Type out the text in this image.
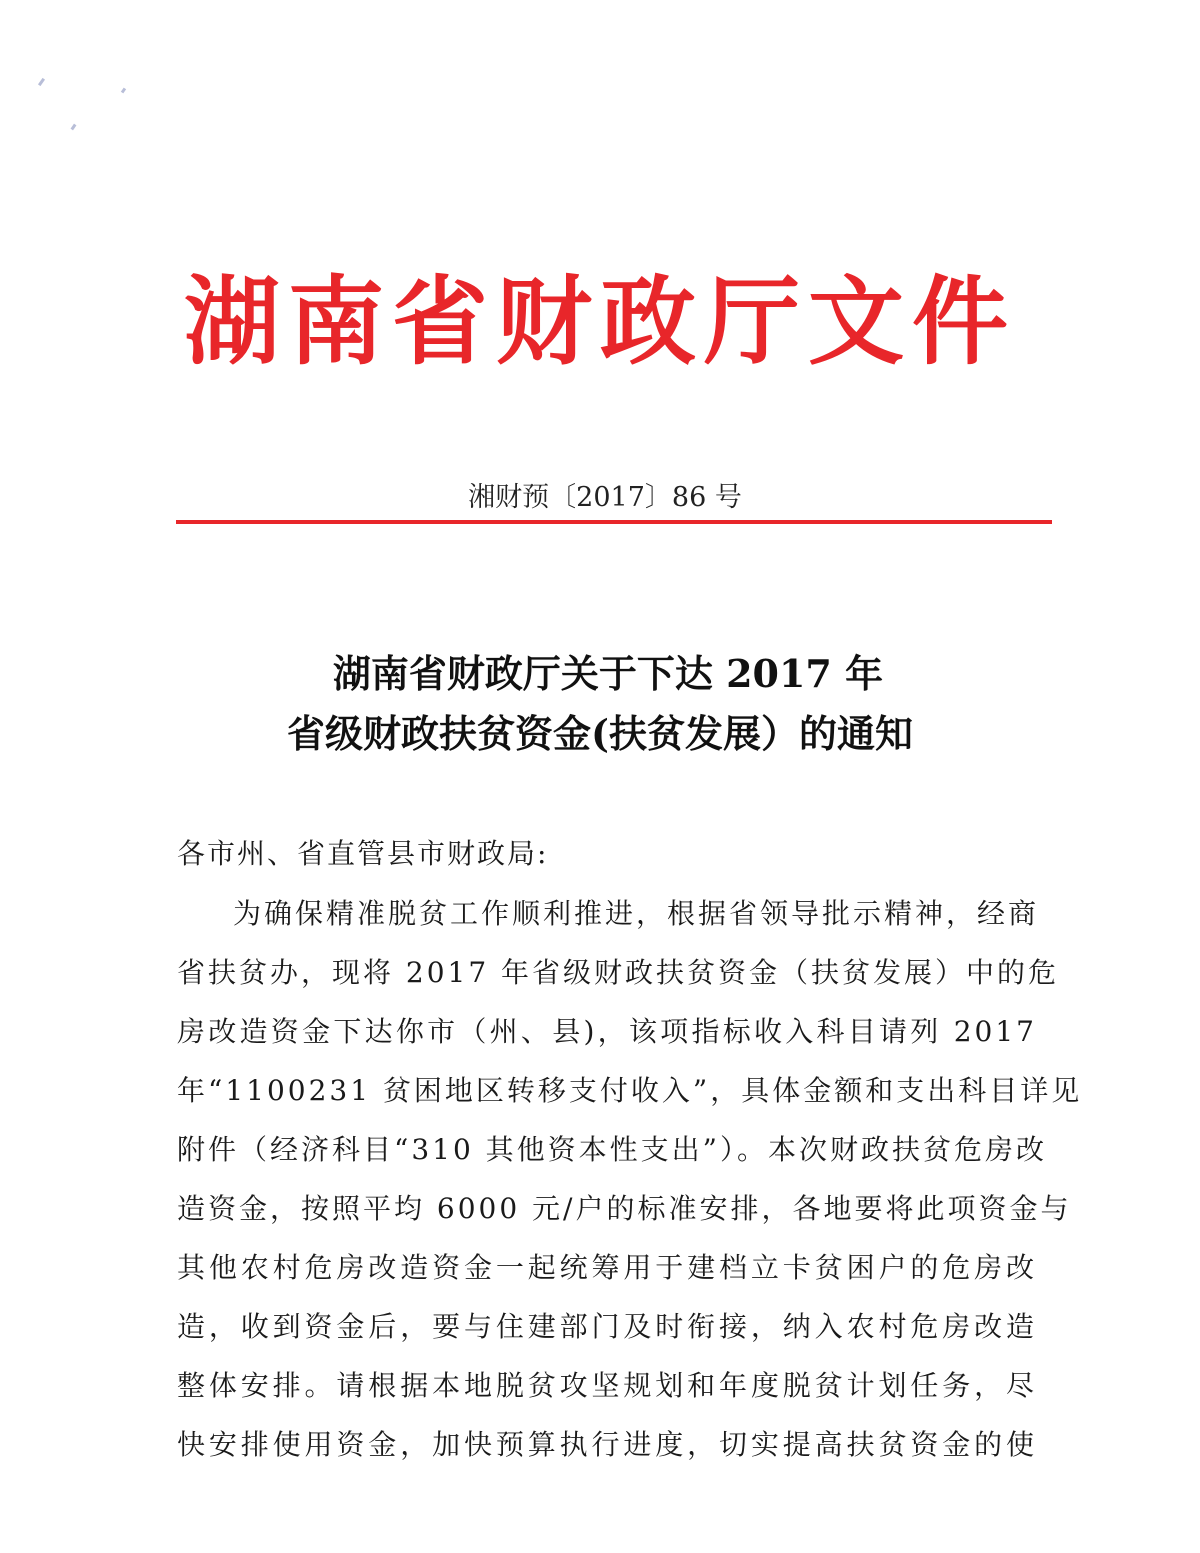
湖南省财政厅文件
湘财预〔2017〕86 号
湖南省财政厅关于下达 2017 年
省级财政扶贫资金(扶贫发展）的通知
各市州、省直管县市财政局:
为确保精准脱贫工作顺利推进，根据省领导批示精神，经商
省扶贫办，现将 2017 年省级财政扶贫资金（扶贫发展）中的危
房改造资金下达你市（州、县)，该项指标收入科目请列 2017
年“1100231 贫困地区转移支付收入”，具体金额和支出科目详见
附件（经济科目“310 其他资本性支出”）。本次财政扶贫危房改
造资金，按照平均 6000 元/户的标准安排，各地要将此项资金与
其他农村危房改造资金一起统筹用于建档立卡贫困户的危房改
造，收到资金后，要与住建部门及时衔接，纳入农村危房改造
整体安排。请根据本地脱贫攻坚规划和年度脱贫计划任务，尽
快安排使用资金，加快预算执行进度，切实提高扶贫资金的使
